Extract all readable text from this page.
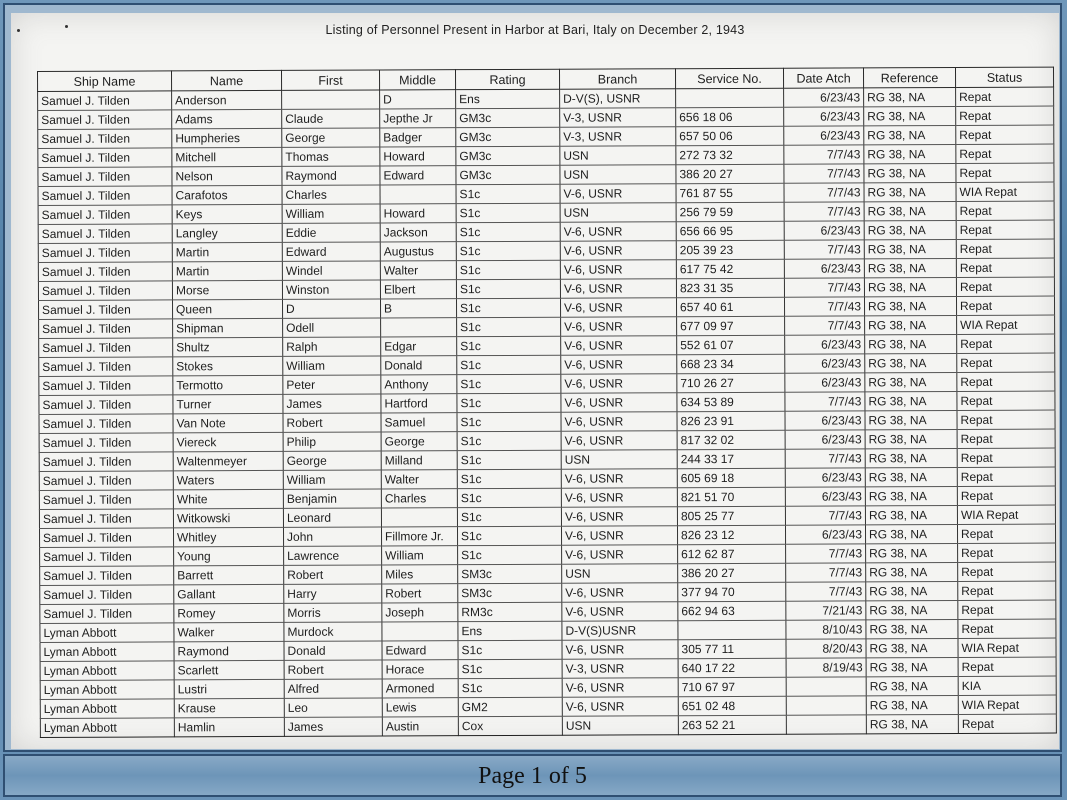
Listing of Personnel Present in Harbor at Bari, Italy on December 2, 1943
Ship Name	Name	First	Middle	Rating	Branch	Service No.	Date Atch	Reference	Status
Samuel J. Tilden	Anderson		D	Ens	D-V(S), USNR		6/23/43	RG 38, NA	Repat
Samuel J. Tilden	Adams	Claude	Jepthe Jr	GM3c	V-3, USNR	656 18 06	6/23/43	RG 38, NA	Repat
Samuel J. Tilden	Humpheries	George	Badger	GM3c	V-3, USNR	657 50 06	6/23/43	RG 38, NA	Repat
Samuel J. Tilden	Mitchell	Thomas	Howard	GM3c	USN	272 73 32	7/7/43	RG 38, NA	Repat
Samuel J. Tilden	Nelson	Raymond	Edward	GM3c	USN	386 20 27	7/7/43	RG 38, NA	Repat
Samuel J. Tilden	Carafotos	Charles		S1c	V-6, USNR	761 87 55	7/7/43	RG 38, NA	WIA Repat
Samuel J. Tilden	Keys	William	Howard	S1c	USN	256 79 59	7/7/43	RG 38, NA	Repat
Samuel J. Tilden	Langley	Eddie	Jackson	S1c	V-6, USNR	656 66 95	6/23/43	RG 38, NA	Repat
Samuel J. Tilden	Martin	Edward	Augustus	S1c	V-6, USNR	205 39 23	7/7/43	RG 38, NA	Repat
Samuel J. Tilden	Martin	Windel	Walter	S1c	V-6, USNR	617 75 42	6/23/43	RG 38, NA	Repat
Samuel J. Tilden	Morse	Winston	Elbert	S1c	V-6, USNR	823 31 35	7/7/43	RG 38, NA	Repat
Samuel J. Tilden	Queen	D	B	S1c	V-6, USNR	657 40 61	7/7/43	RG 38, NA	Repat
Samuel J. Tilden	Shipman	Odell		S1c	V-6, USNR	677 09 97	7/7/43	RG 38, NA	WIA Repat
Samuel J. Tilden	Shultz	Ralph	Edgar	S1c	V-6, USNR	552 61 07	6/23/43	RG 38, NA	Repat
Samuel J. Tilden	Stokes	William	Donald	S1c	V-6, USNR	668 23 34	6/23/43	RG 38, NA	Repat
Samuel J. Tilden	Termotto	Peter	Anthony	S1c	V-6, USNR	710 26 27	6/23/43	RG 38, NA	Repat
Samuel J. Tilden	Turner	James	Hartford	S1c	V-6, USNR	634 53 89	7/7/43	RG 38, NA	Repat
Samuel J. Tilden	Van Note	Robert	Samuel	S1c	V-6, USNR	826 23 91	6/23/43	RG 38, NA	Repat
Samuel J. Tilden	Viereck	Philip	George	S1c	V-6, USNR	817 32 02	6/23/43	RG 38, NA	Repat
Samuel J. Tilden	Waltenmeyer	George	Milland	S1c	USN	244 33 17	7/7/43	RG 38, NA	Repat
Samuel J. Tilden	Waters	William	Walter	S1c	V-6, USNR	605 69 18	6/23/43	RG 38, NA	Repat
Samuel J. Tilden	White	Benjamin	Charles	S1c	V-6, USNR	821 51 70	6/23/43	RG 38, NA	Repat
Samuel J. Tilden	Witkowski	Leonard		S1c	V-6, USNR	805 25 77	7/7/43	RG 38, NA	WIA Repat
Samuel J. Tilden	Whitley	John	Fillmore Jr.	S1c	V-6, USNR	826 23 12	6/23/43	RG 38, NA	Repat
Samuel J. Tilden	Young	Lawrence	William	S1c	V-6, USNR	612 62 87	7/7/43	RG 38, NA	Repat
Samuel J. Tilden	Barrett	Robert	Miles	SM3c	USN	386 20 27	7/7/43	RG 38, NA	Repat
Samuel J. Tilden	Gallant	Harry	Robert	SM3c	V-6, USNR	377 94 70	7/7/43	RG 38, NA	Repat
Samuel J. Tilden	Romey	Morris	Joseph	RM3c	V-6, USNR	662 94 63	7/21/43	RG 38, NA	Repat
Lyman Abbott	Walker	Murdock		Ens	D-V(S)USNR		8/10/43	RG 38, NA	Repat
Lyman Abbott	Raymond	Donald	Edward	S1c	V-6, USNR	305 77 11	8/20/43	RG 38, NA	WIA Repat
Lyman Abbott	Scarlett	Robert	Horace	S1c	V-3, USNR	640 17 22	8/19/43	RG 38, NA	Repat
Lyman Abbott	Lustri	Alfred	Armoned	S1c	V-6, USNR	710 67 97		RG 38, NA	KIA
Lyman Abbott	Krause	Leo	Lewis	GM2	V-6, USNR	651 02 48		RG 38, NA	WIA Repat
Lyman Abbott	Hamlin	James	Austin	Cox	USN	263 52 21		RG 38, NA	Repat
Page 1 of 5
